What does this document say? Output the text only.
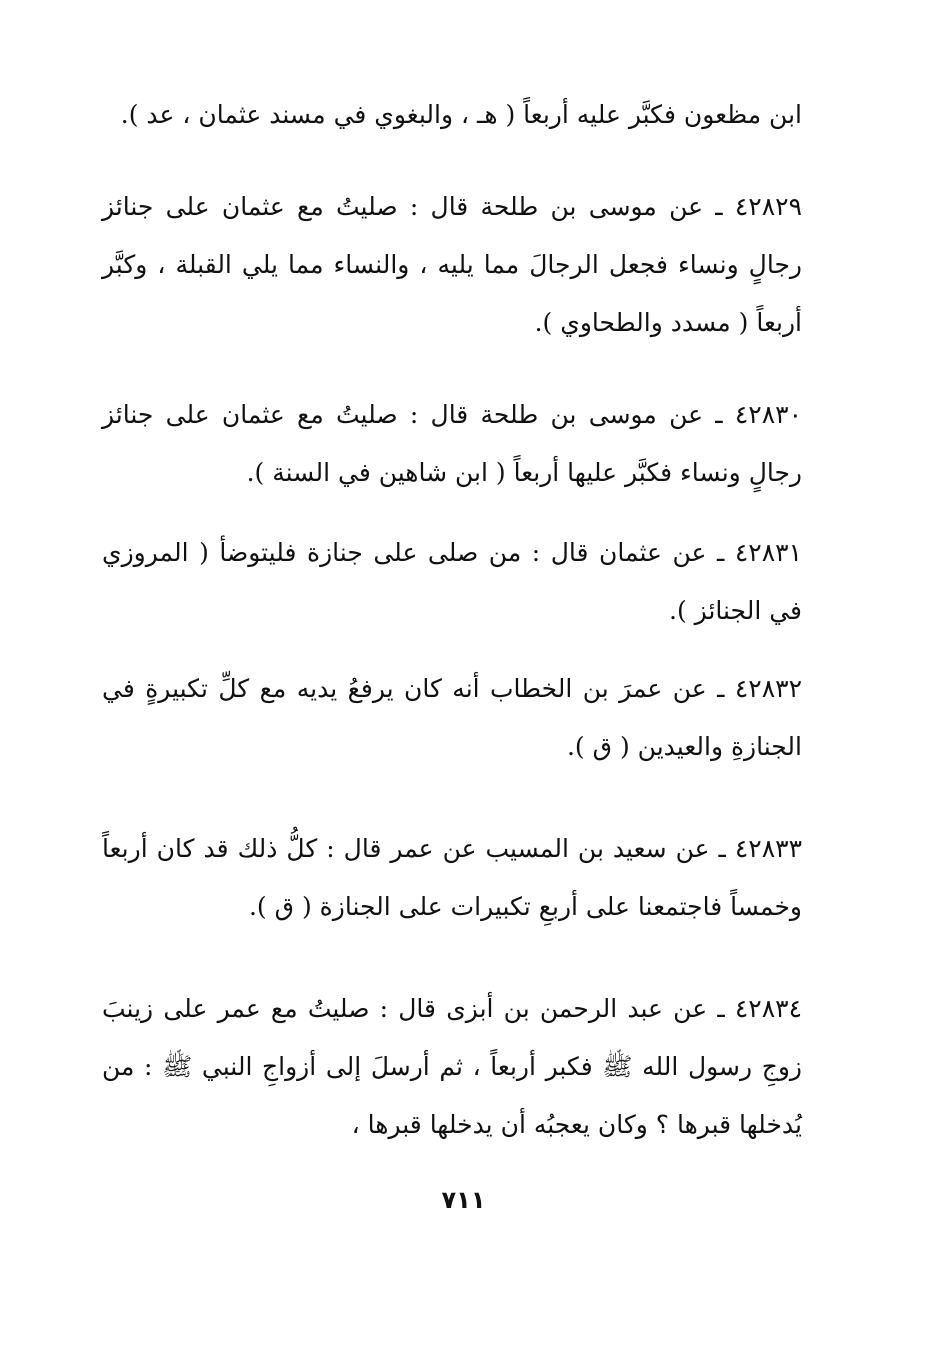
ابن مظعون فكبَّر عليه أربعاً ( هـ ، والبغوي في مسند عثمان ، عد ).

٤٢٨٢٩ ـ عن موسى بن طلحة قال : صليتُ مع عثمان على جنائز رجالٍ ونساء فجعل الرجالَ مما يليه ، والنساء مما يلي القبلة ، وكبَّر أربعاً ( مسدد والطحاوي ).

٤٢٨٣٠ ـ عن موسى بن طلحة قال : صليتُ مع عثمان على جنائز رجالٍ ونساء فكبَّر عليها أربعاً ( ابن شاهين في السنة ).

٤٢٨٣١ ـ عن عثمان قال : من صلى على جنازة فليتوضأ ( المروزي في الجنائز ).

٤٢٨٣٢ ـ عن عمرَ بن الخطاب أنه كان يرفعُ يديه مع كلِّ تكبيرةٍ في الجنازةِ والعيدين ( ق ).

٤٢٨٣٣ ـ عن سعيد بن المسيب عن عمر قال : كلُّ ذلك قد كان أربعاً وخمساً فاجتمعنا على أربعِ تكبيرات على الجنازة ( ق ).

٤٢٨٣٤ ـ عن عبد الرحمن بن أبزى قال : صليتُ مع عمر على زينبَ زوجِ رسول الله ﷺ فكبر أربعاً ، ثم أرسلَ إلى أزواجِ النبي ﷺ : من يُدخلها قبرها ؟ وكان يعجبُه أن يدخلها قبرها ،

٧١١
